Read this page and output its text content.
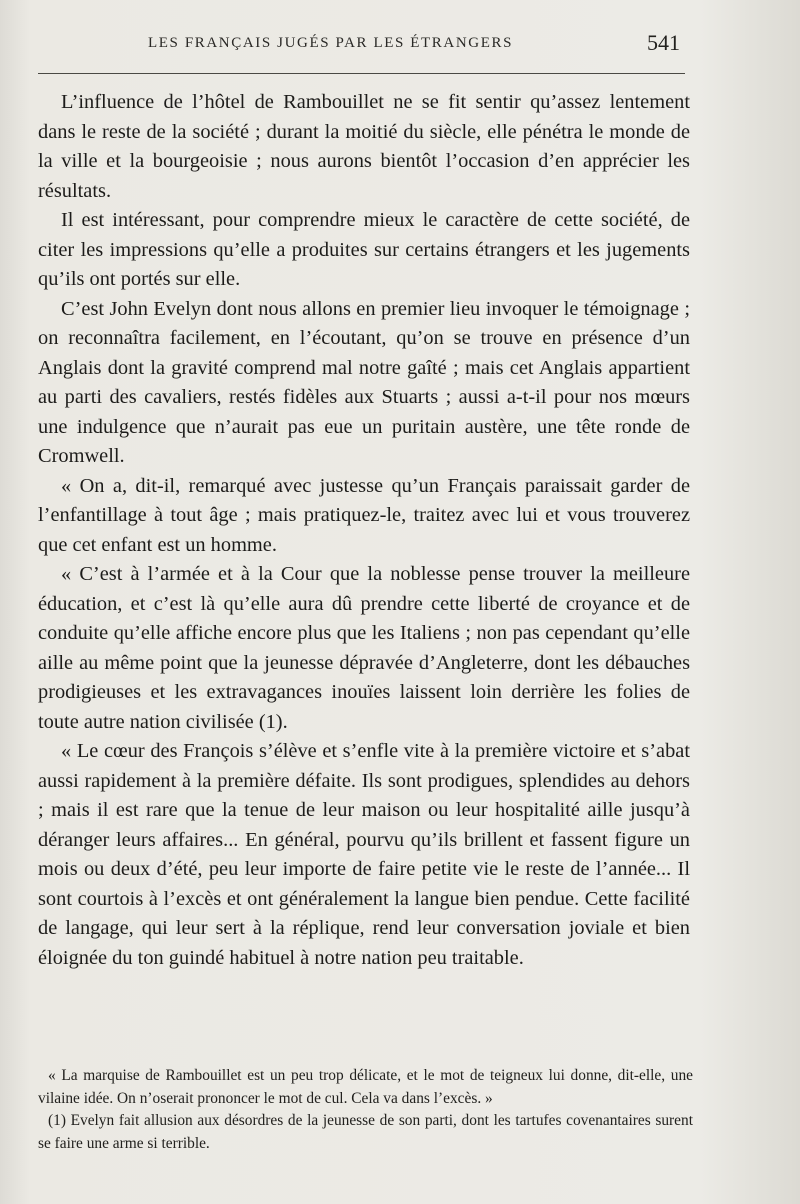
LES FRANÇAIS JUGÉS PAR LES ÉTRANGERS	541

L’influence de l’hôtel de Rambouillet ne se fit sentir qu’assez lentement dans le reste de la société ; durant la moitié du siècle, elle pénétra le monde de la ville et la bourgeoisie ; nous aurons bientôt l’occasion d’en apprécier les résultats.

Il est intéressant, pour comprendre mieux le caractère de cette société, de citer les impressions qu’elle a produites sur certains étrangers et les jugements qu’ils ont portés sur elle.

C’est John Evelyn dont nous allons en premier lieu invoquer le témoignage ; on reconnaîtra facilement, en l’écoutant, qu’on se trouve en présence d’un Anglais dont la gravité comprend mal notre gaîté ; mais cet Anglais appartient au parti des cavaliers, restés fidèles aux Stuarts ; aussi a-t-il pour nos mœurs une indulgence que n’aurait pas eue un puritain austère, une tête ronde de Cromwell.

« On a, dit-il, remarqué avec justesse qu’un Français paraissait garder de l’enfantillage à tout âge ; mais pratiquez-le, traitez avec lui et vous trouverez que cet enfant est un homme.

« C’est à l’armée et à la Cour que la noblesse pense trouver la meilleure éducation, et c’est là qu’elle aura dû prendre cette liberté de croyance et de conduite qu’elle affiche encore plus que les Italiens ; non pas cependant qu’elle aille au même point que la jeunesse dépravée d’Angleterre, dont les débauches prodigieuses et les extravagances inouïes laissent loin derrière les folies de toute autre nation civilisée (1).

« Le cœur des François s’élève et s’enfle vite à la première victoire et s’abat aussi rapidement à la première défaite. Ils sont prodigues, splendides au dehors ; mais il est rare que la tenue de leur maison ou leur hospitalité aille jusqu’à déranger leurs affaires... En général, pourvu qu’ils brillent et fassent figure un mois ou deux d’été, peu leur importe de faire petite vie le reste de l’année... Il sont courtois à l’excès et ont généralement la langue bien pendue. Cette facilité de langage, qui leur sert à la réplique, rend leur conversation joviale et bien éloignée du ton guindé habituel à notre nation peu traitable.

« La marquise de Rambouillet est un peu trop délicate, et le mot de teigneux lui donne, dit-elle, une vilaine idée. On n’oserait prononcer le mot de cul. Cela va dans l’excès. »

(1) Evelyn fait allusion aux désordres de la jeunesse de son parti, dont les tartufes covenantaires surent se faire une arme si terrible.
